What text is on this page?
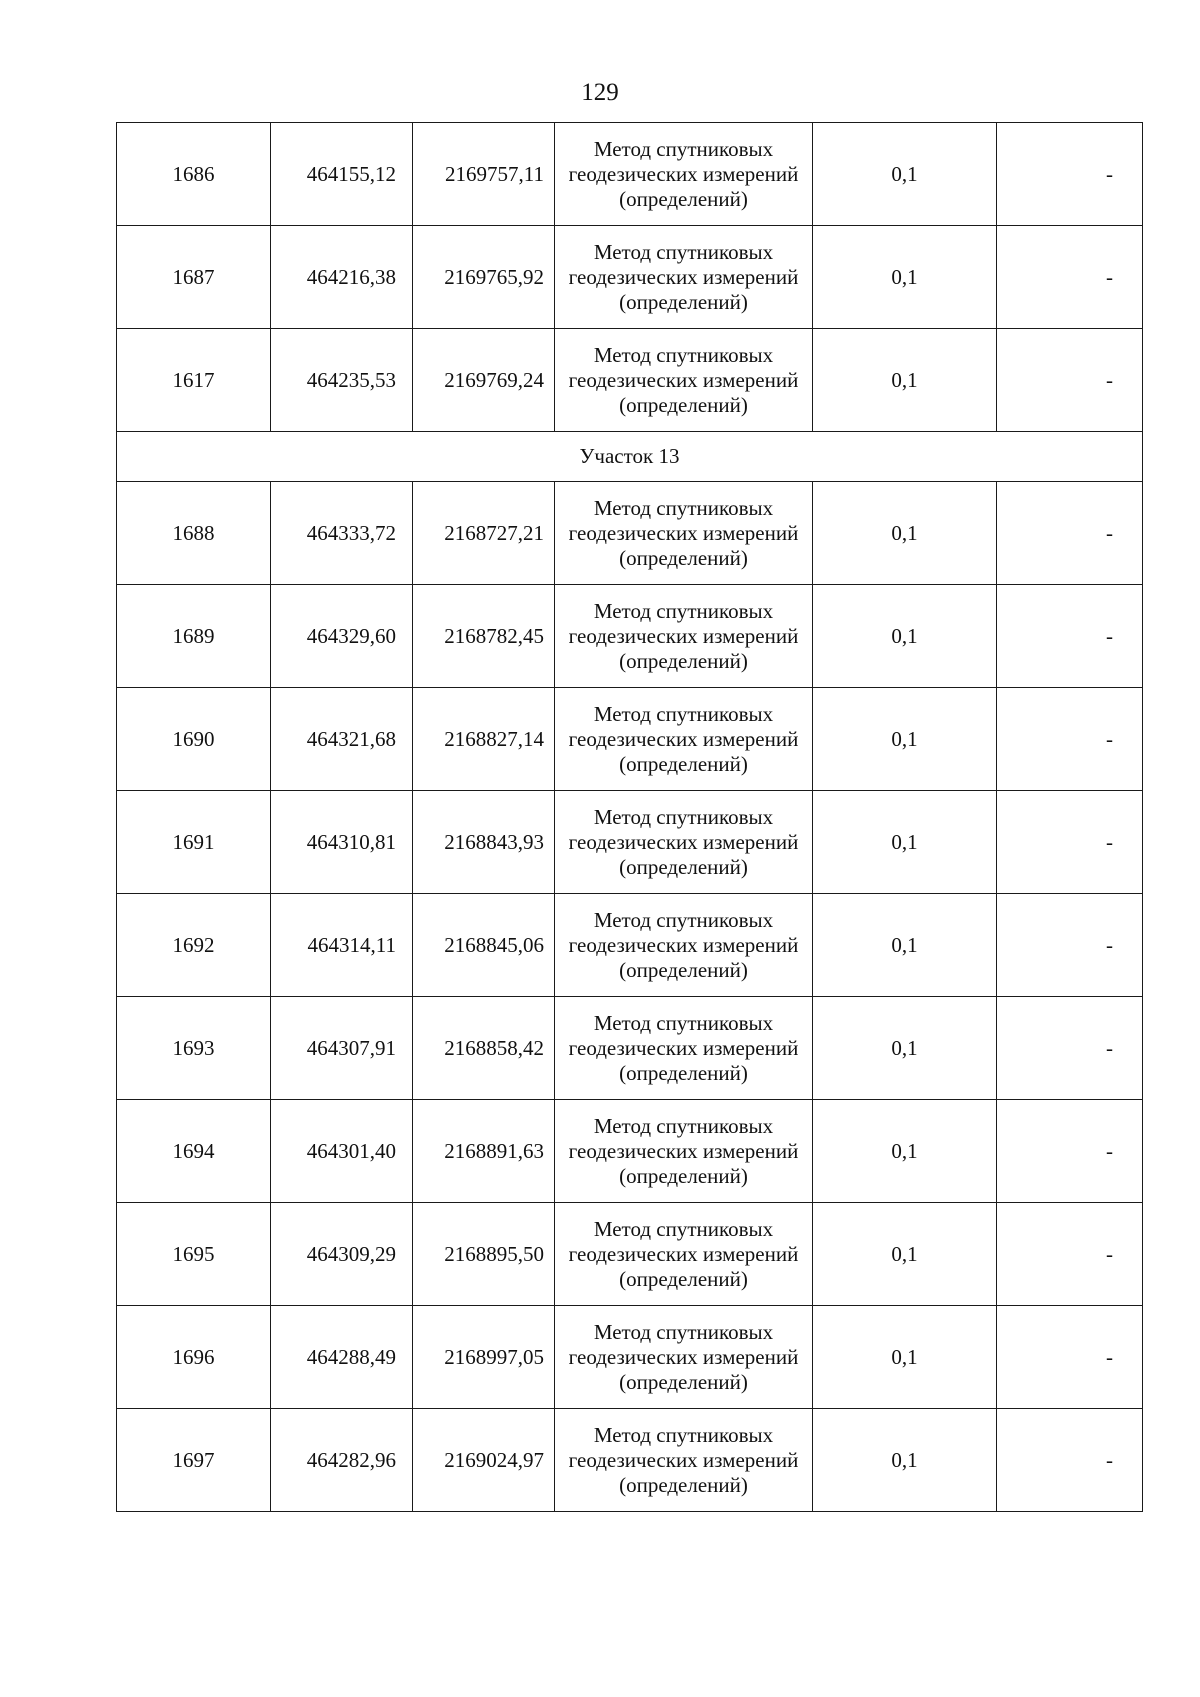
129
1686	464155,12	2169757,11	Метод спутниковых
геодезических измерений
(определений)	0,1	-
1687	464216,38	2169765,92	Метод спутниковых
геодезических измерений
(определений)	0,1	-
1617	464235,53	2169769,24	Метод спутниковых
геодезических измерений
(определений)	0,1	-
Участок 13					
1688	464333,72	2168727,21	Метод спутниковых
геодезических измерений
(определений)	0,1	-
1689	464329,60	2168782,45	Метод спутниковых
геодезических измерений
(определений)	0,1	-
1690	464321,68	2168827,14	Метод спутниковых
геодезических измерений
(определений)	0,1	-
1691	464310,81	2168843,93	Метод спутниковых
геодезических измерений
(определений)	0,1	-
1692	464314,11	2168845,06	Метод спутниковых
геодезических измерений
(определений)	0,1	-
1693	464307,91	2168858,42	Метод спутниковых
геодезических измерений
(определений)	0,1	-
1694	464301,40	2168891,63	Метод спутниковых
геодезических измерений
(определений)	0,1	-
1695	464309,29	2168895,50	Метод спутниковых
геодезических измерений
(определений)	0,1	-
1696	464288,49	2168997,05	Метод спутниковых
геодезических измерений
(определений)	0,1	-
1697	464282,96	2169024,97	Метод спутниковых
геодезических измерений
(определений)	0,1	-
